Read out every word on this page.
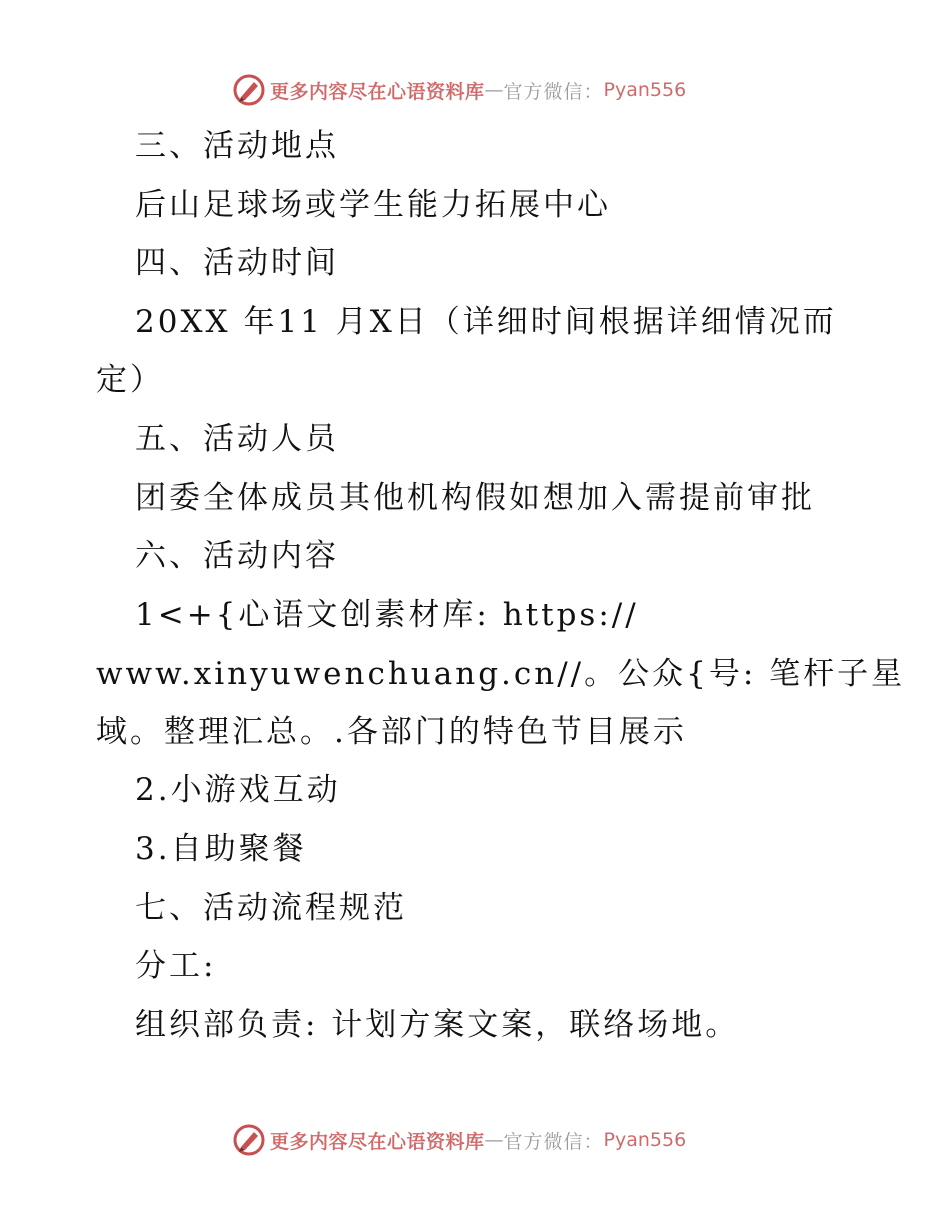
更多内容尽在心语资料库 — 官方微信： Pyan556
三、活动地点
后山足球场或学生能力拓展中心
四、活动时间
20XX 年11 月X日（详细时间根据详细情况而
定）
五、活动人员
团委全体成员其他机构假如想加入需提前审批
六、活动内容
1<+{心语文创素材库: https://
www.xinyuwenchuang.cn//。公众{号: 笔杆子星
域。整理汇总。.各部门的特色节目展示
2.小游戏互动
3.自助聚餐
七、活动流程规范
分工:
组织部负责: 计划方案文案，联络场地。
更多内容尽在心语资料库 — 官方微信： Pyan556
